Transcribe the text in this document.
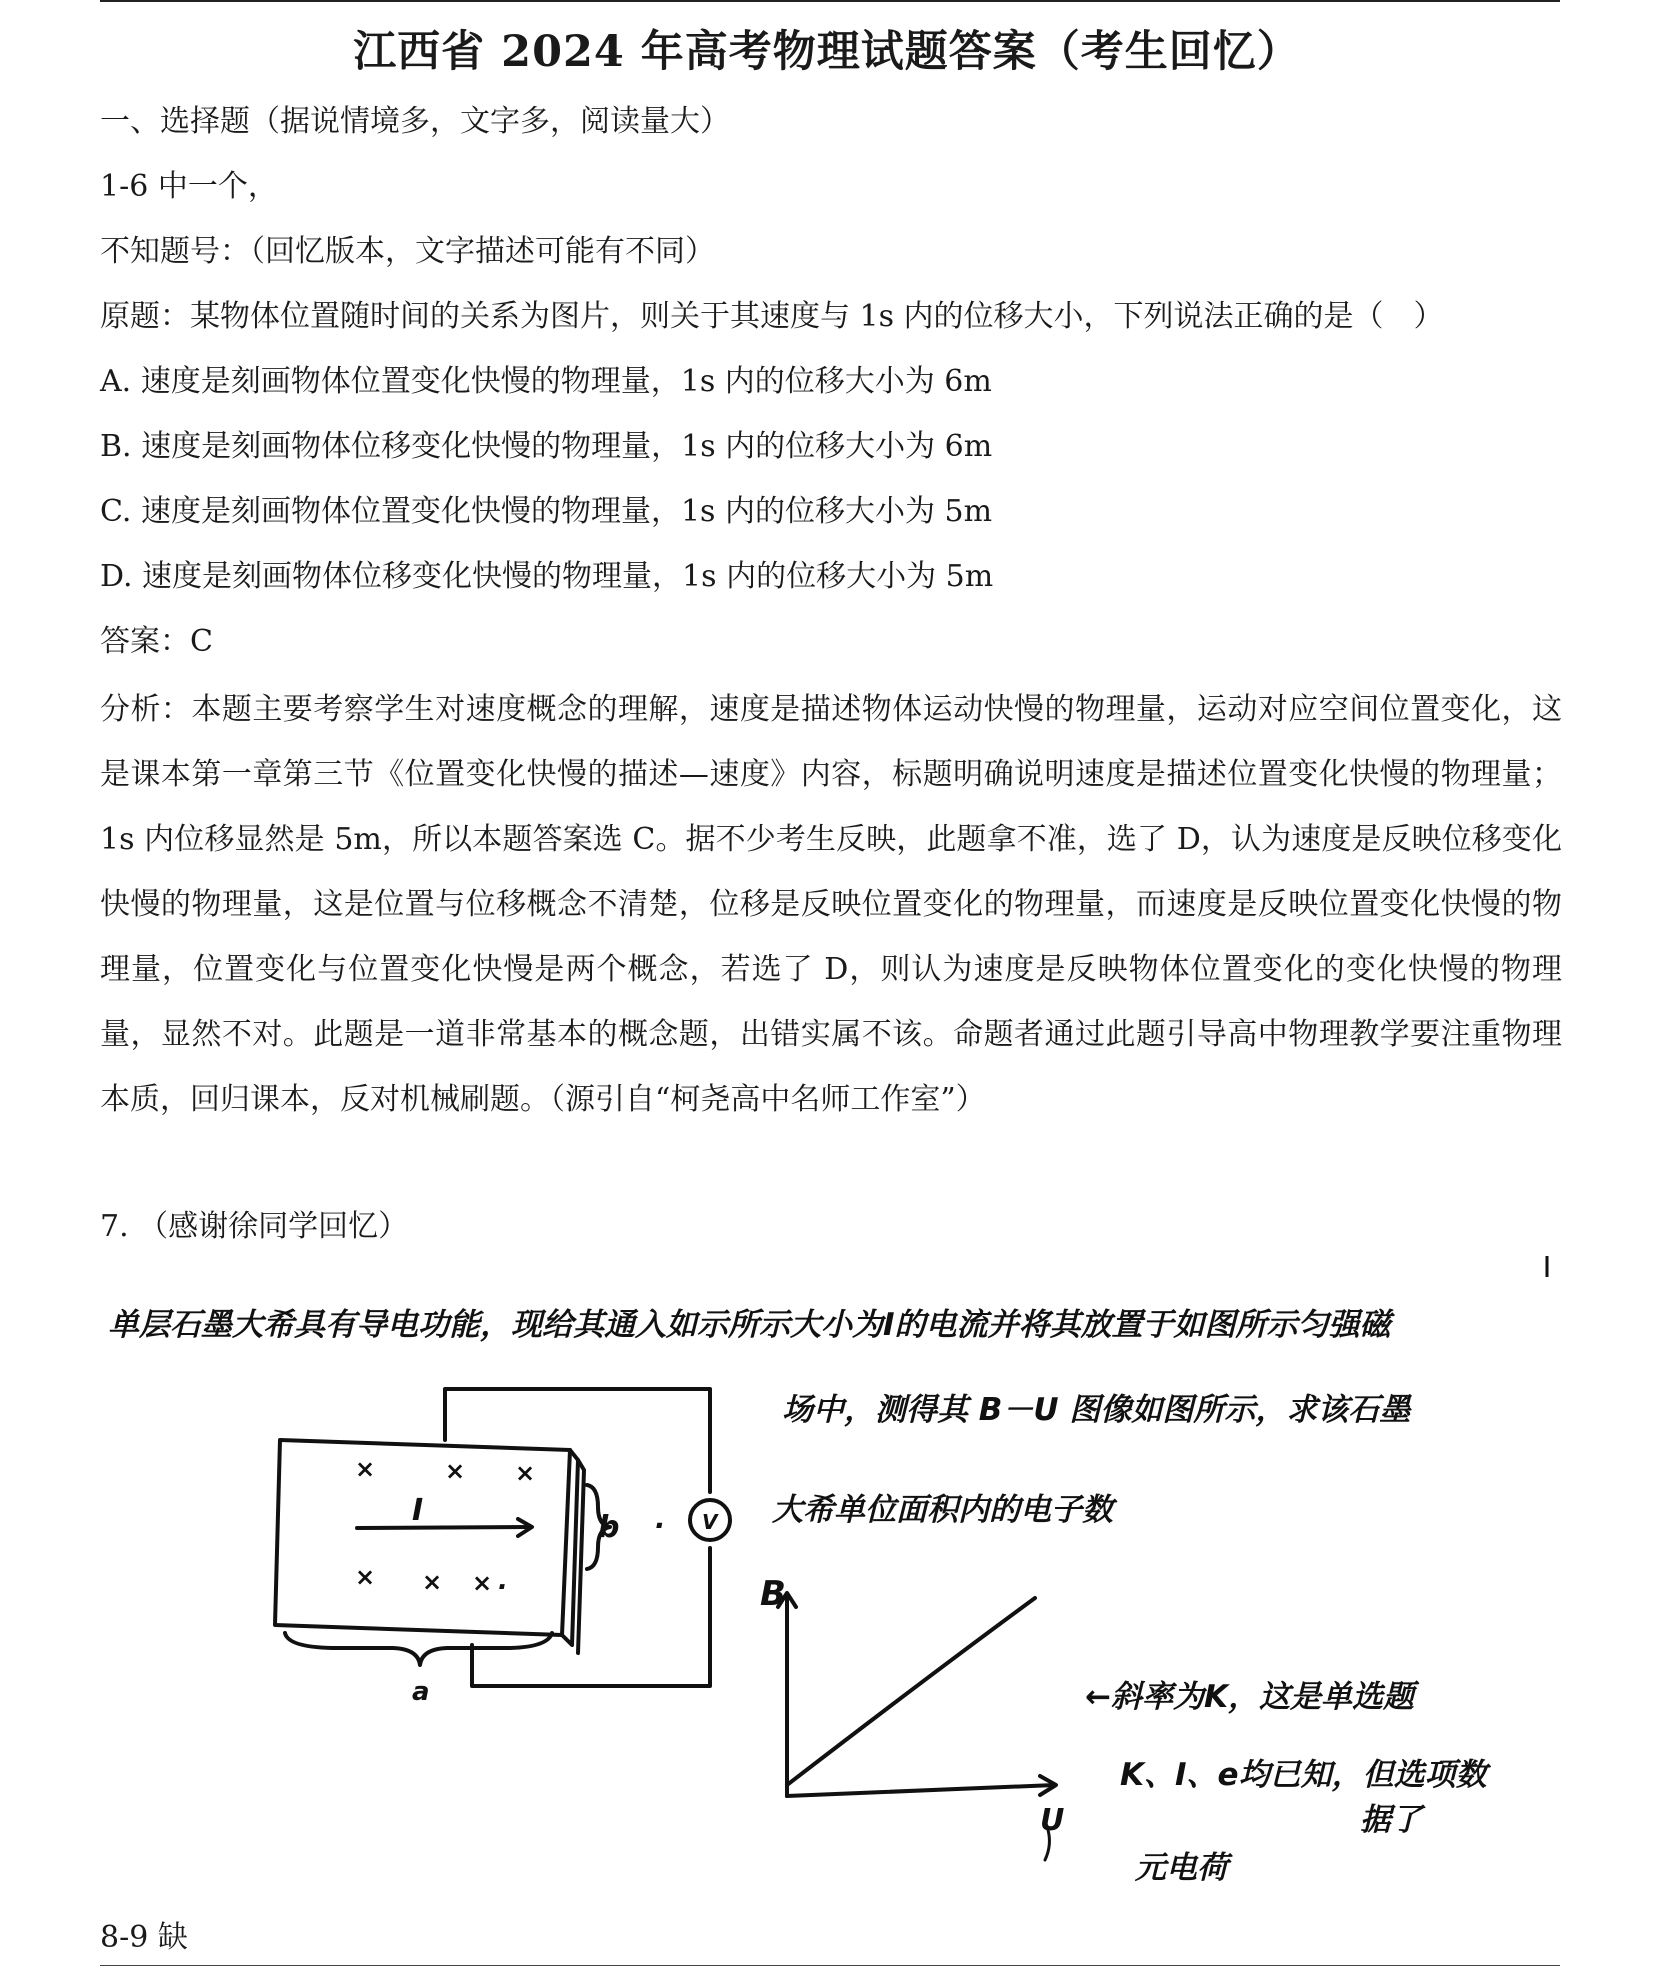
江西省 2024 年高考物理试题答案（考生回忆）
一、选择题（据说情境多，文字多，阅读量大）
1-6 中一个，
不知题号：（回忆版本，文字描述可能有不同）
原题：某物体位置随时间的关系为图片，则关于其速度与 1s 内的位移大小，下列说法正确的是（　）
A. 速度是刻画物体位置变化快慢的物理量，1s 内的位移大小为 6m
B. 速度是刻画物体位移变化快慢的物理量，1s 内的位移大小为 6m
C. 速度是刻画物体位置变化快慢的物理量，1s 内的位移大小为 5m
D. 速度是刻画物体位移变化快慢的物理量，1s 内的位移大小为 5m
答案：C
分析：本题主要考察学生对速度概念的理解，速度是描述物体运动快慢的物理量，运动对应空间位置变化，这是课本第一章第三节《位置变化快慢的描述—速度》内容，标题明确说明速度是描述位置变化快慢的物理量；1s 内位移显然是 5m，所以本题答案选 C。据不少考生反映，此题拿不准，选了 D，认为速度是反映位移变化快慢的物理量，这是位置与位移概念不清楚，位移是反映位置变化的物理量，而速度是反映位置变化快慢的物理量，位置变化与位置变化快慢是两个概念，若选了 D，则认为速度是反映物体位置变化的变化快慢的物理量，显然不对。此题是一道非常基本的概念题，出错实属不该。命题者通过此题引导高中物理教学要注重物理本质，回归课本，反对机械刷题。（源引自“柯尧高中名师工作室”）
7. （感谢徐同学回忆）
单层石墨大希具有导电功能，现给其通入如示所示大小为I的电流并将其放置于如图所示匀强磁
场中，测得其 B－U 图像如图所示，求该石墨
大希单位面积内的电子数
I	b
a
V
×	× ×
× × ×
.
.	B
U
←斜率为K，这是单选题
K、I、e均已知，但选项数
据了
元电荷
8-9 缺
